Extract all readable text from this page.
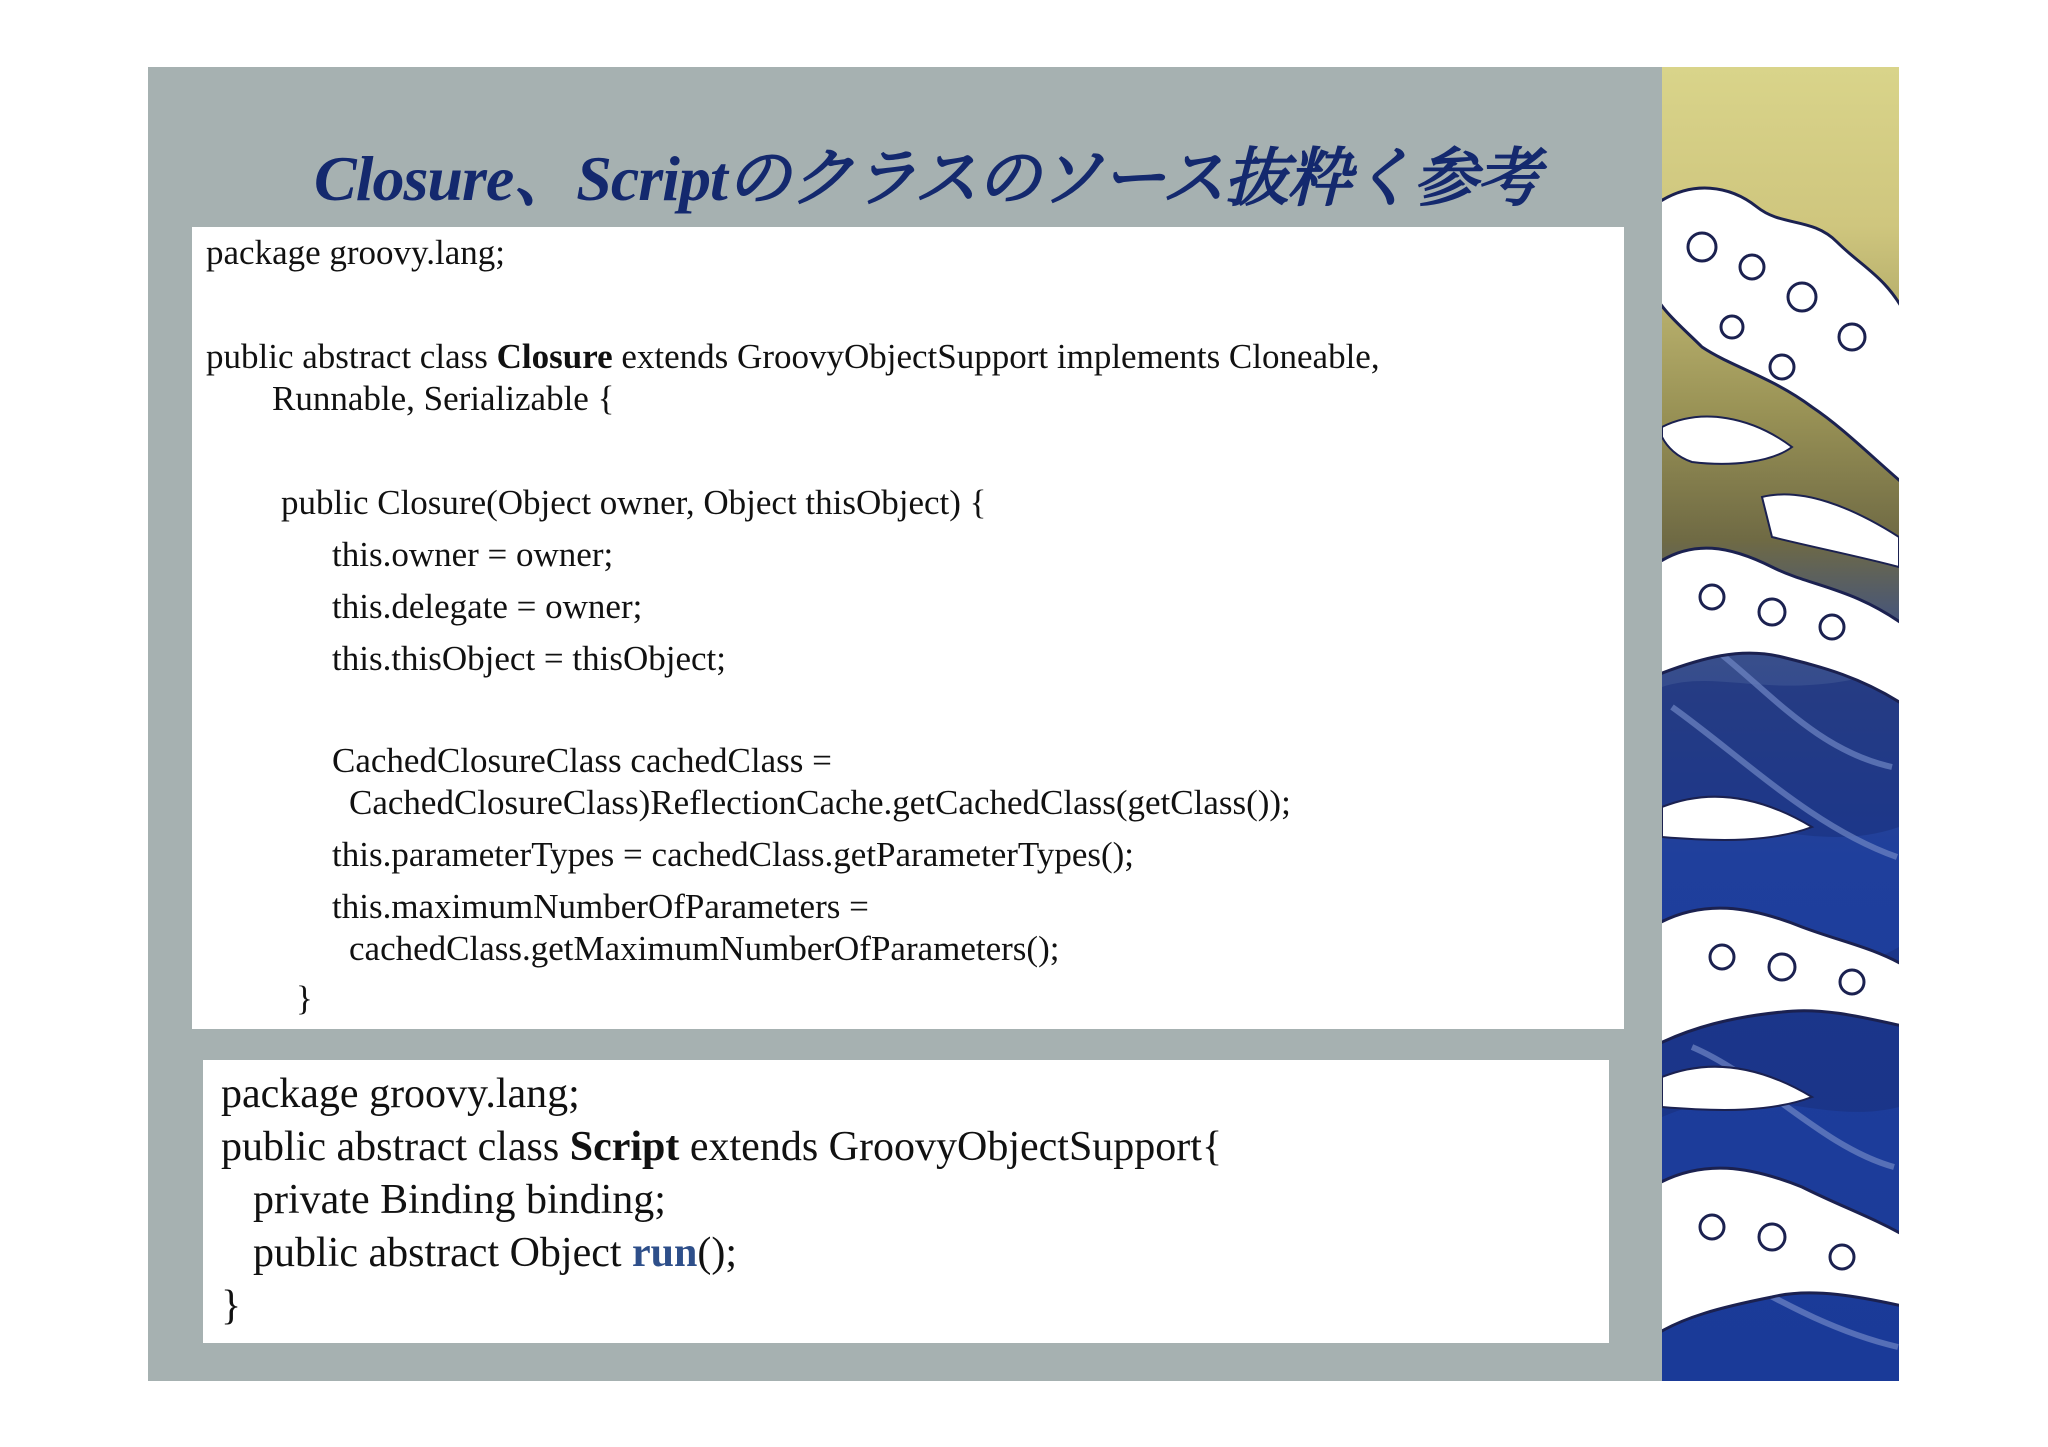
Closure、Scriptのクラスのソース抜粋く参考
package groovy.lang;
public abstract class Closure extends GroovyObjectSupport implements Cloneable,
Runnable, Serializable {
public Closure(Object owner, Object thisObject) {
this.owner = owner;
this.delegate = owner;
this.thisObject = thisObject;
CachedClosureClass cachedClass =
CachedClosureClass)ReflectionCache.getCachedClass(getClass());
this.parameterTypes = cachedClass.getParameterTypes();
this.maximumNumberOfParameters =
cachedClass.getMaximumNumberOfParameters();
}
package groovy.lang;
public abstract class Script extends GroovyObjectSupport{
private Binding binding;
public abstract Object run();
}
